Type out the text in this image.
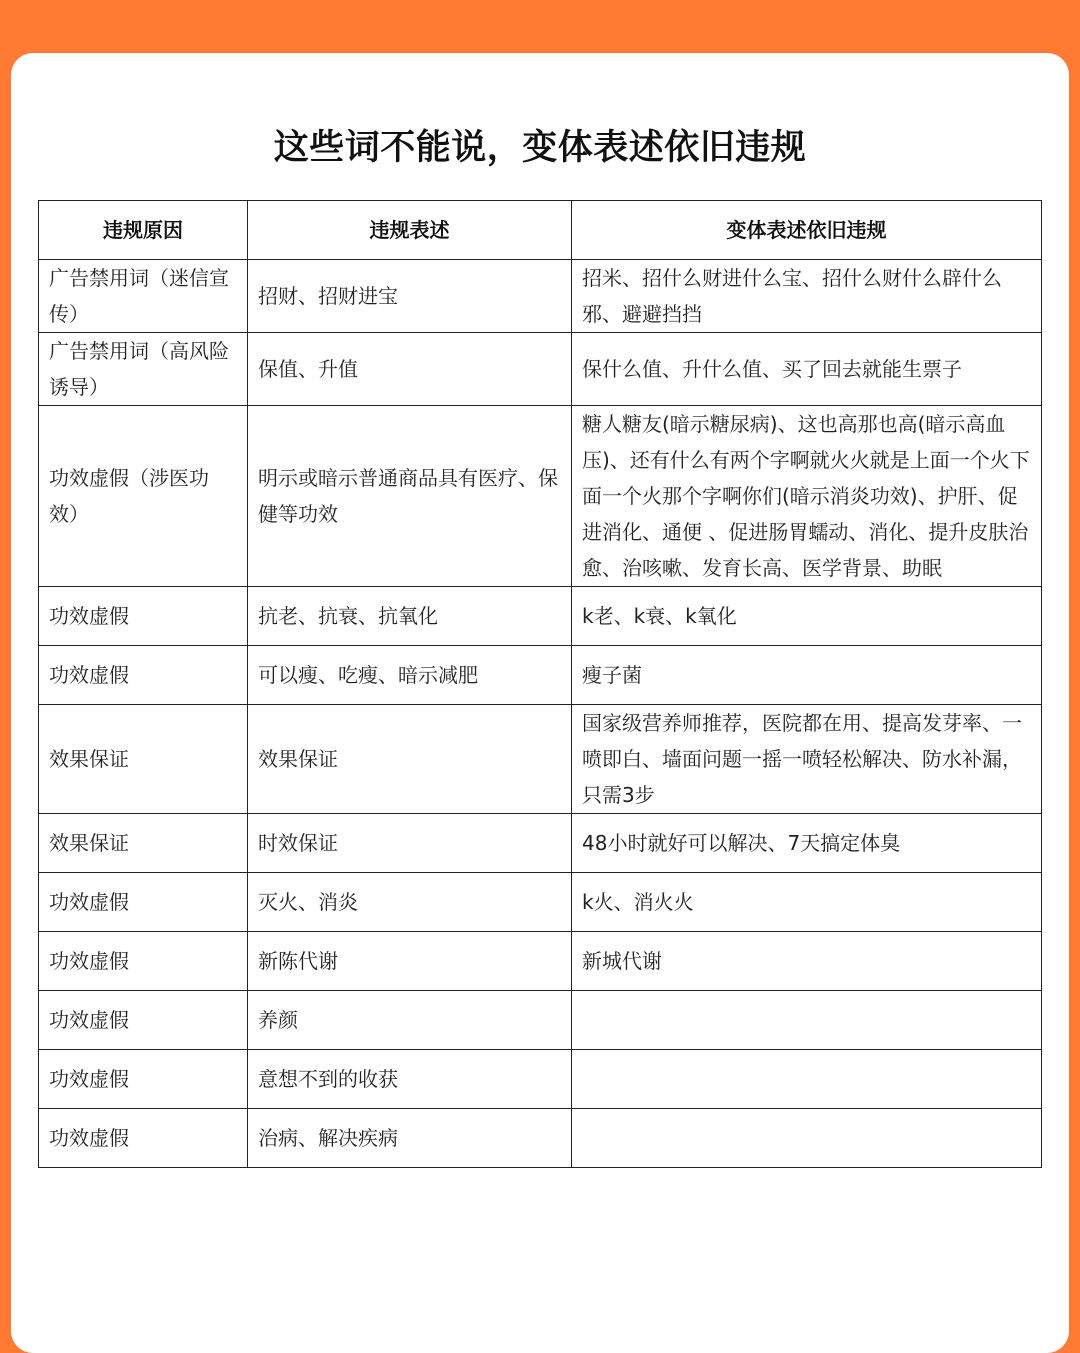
这些词不能说，变体表述依旧违规
违规原因	违规表述	变体表述依旧违规
广告禁用词（迷信宣传）	招财、招财进宝	招米、招什么财进什么宝、招什么财什么辟什么邪、避避挡挡
广告禁用词（高风险诱导）	保值、升值	保什么值、升什么值、买了回去就能生票子
功效虚假（涉医功效）	明示或暗示普通商品具有医疗、保健等功效	糖人糖友(暗示糖尿病)、这也高那也高(暗示高血压)、还有什么有两个字啊就火火就是上面一个火下面一个火那个字啊你们(暗示消炎功效)、护肝、促进消化、通便 、促进肠胃蠕动、消化、提升皮肤治愈、治咳嗽、发育长高、医学背景、助眠
功效虚假	抗老、抗衰、抗氧化	k老、k衰、k氧化
功效虚假	可以瘦、吃瘦、暗示减肥	瘦子菌
效果保证	效果保证	国家级营养师推荐，医院都在用、提高发芽率、一喷即白、墙面问题一摇一喷轻松解决、防水补漏，只需3步
效果保证	时效保证	48小时就好可以解决、7天搞定体臭
功效虚假	灭火、消炎	k火、消火火
功效虚假	新陈代谢	新城代谢
功效虚假	养颜	
功效虚假	意想不到的收获	
功效虚假	治病、解决疾病	
